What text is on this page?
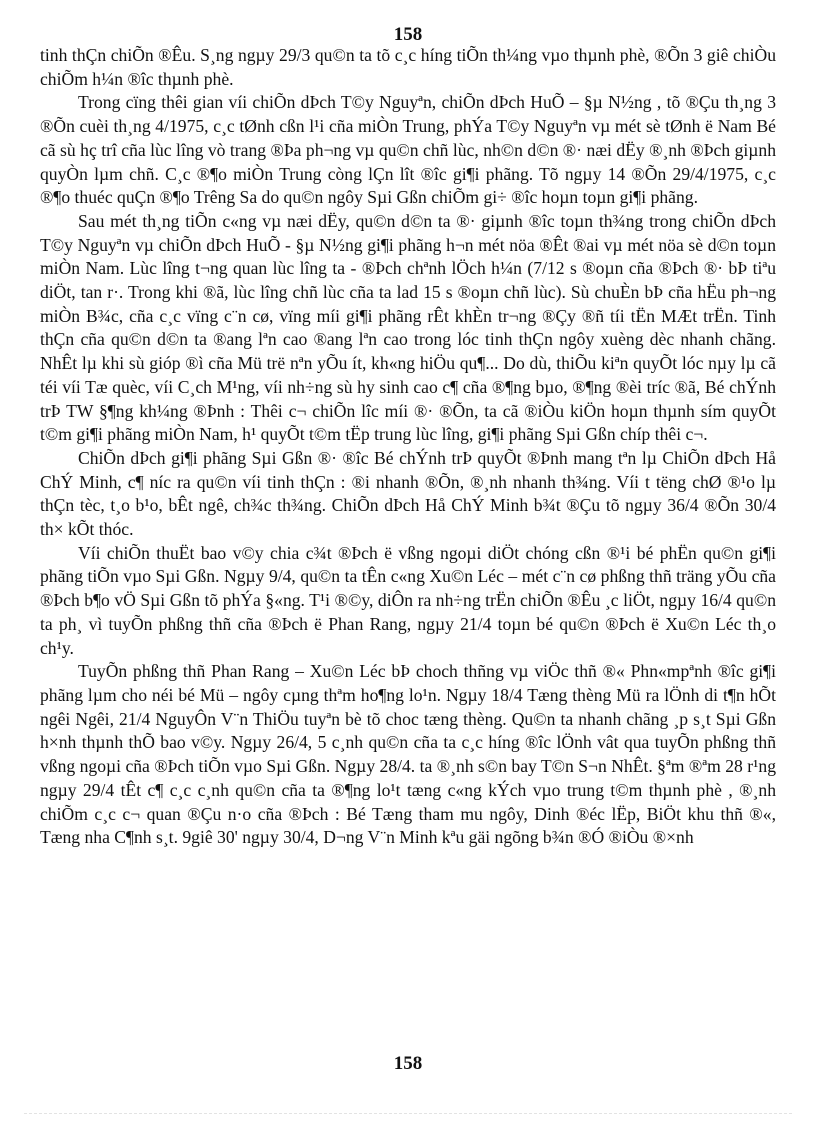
158

tinh thÇn chiÕn ®Êu. S¸ng ngµy 29/3 qu©n ta tõ c¸c híng tiÕn th¼ng vµo thµnh phè, ®Õn 3 giê chiÒu chiÕm h¼n ®îc thµnh phè.

Trong cïng thêi gian víi chiÕn dÞch T©y Nguyªn, chiÕn dÞch HuÕ – §µ N½ng , tõ ®Çu th¸ng 3 ®Õn cuèi th¸ng 4/1975, c¸c tØnh cßn l¹i cña miÒn Trung, phÝa T©y Nguyªn vµ mét sè tØnh ë Nam Bé cã sù hç trî cña lùc lîng vò trang ®Þa ph¬ng vµ qu©n chñ lùc, nh©n d©n ®· næi dËy ®¸nh ®Þch giµnh quyÒn lµm chñ. C¸c ®¶o miÒn Trung còng lÇn lît ®îc gi¶i phãng. Tõ ngµy 14 ®Õn 29/4/1975, c¸c ®¶o thuéc quÇn ®¶o Trêng Sa do qu©n ngôy Sµi Gßn chiÕm gi÷ ®îc hoµn toµn gi¶i phãng.

Sau mét th¸ng tiÕn c«ng vµ næi dËy, qu©n d©n ta ®· giµnh ®îc toµn th¾ng trong chiÕn dÞch T©y Nguyªn vµ chiÕn dÞch HuÕ - §µ N½ng gi¶i phãng h¬n mét nöa ®Êt ®ai vµ mét nöa sè d©n toµn miÒn Nam. Lùc lîng t¬ng quan lùc lîng ta - ®Þch chªnh lÖch h¼n (7/12 s ®oµn cña ®Þch ®· bÞ tiªu diÖt, tan r·. Trong khi ®ã, lùc lîng chñ lùc cña ta lad 15 s ®oµn chñ lùc). Sù chuÈn bÞ cña hËu ph¬ng miÒn B¾c, cña c¸c vïng c¨n cø, vïng míi gi¶i phãng rÊt khÈn tr¬ng ®Çy ®ñ tíi tËn MÆt trËn. Tinh thÇn cña qu©n d©n ta ®ang lªn cao ®ang lªn cao trong lóc tinh thÇn ngôy xuèng dèc nhanh chãng. NhÊt lµ khi sù gióp ®ì cña Mü trë nªn yÕu ít, kh«ng hiÖu qu¶... Do dù, thiÕu kiªn quyÕt lóc nµy lµ cã téi víi Tæ quèc, víi C¸ch M¹ng, víi nh÷ng sù hy sinh cao c¶ cña ®¶ng bµo, ®¶ng ®èi tríc ®ã, Bé chÝnh trÞ TW §¶ng kh¼ng ®Þnh : Thêi c¬ chiÕn lîc míi ®· ®Õn, ta cã ®iÒu kiÖn hoµn thµnh sím quyÕt t©m gi¶i phãng miÒn Nam, h¹ quyÕt t©m tËp trung lùc lîng, gi¶i phãng Sµi Gßn chíp thêi c¬.

ChiÕn dÞch gi¶i phãng Sµi Gßn ®· ®îc Bé chÝnh trÞ quyÕt ®Þnh mang tªn lµ ChiÕn dÞch Hå ChÝ Minh, c¶ níc ra qu©n víi tinh thÇn : ®i nhanh ®Õn, ®¸nh nhanh th¾ng. Víi t tëng chØ ®¹o lµ thÇn tèc, t¸o b¹o, bÊt ngê, ch¾c th¾ng. ChiÕn dÞch Hå ChÝ Minh b¾t ®Çu tõ ngµy 36/4 ®Õn 30/4 th× kÕt thóc.

Víi chiÕn thuËt bao v©y chia c¾t ®Þch ë vßng ngoµi diÖt chóng cßn ®¹i bé phËn qu©n gi¶i phãng tiÕn vµo Sµi Gßn. Ngµy 9/4, qu©n ta tÊn c«ng Xu©n Léc – mét c¨n cø phßng thñ träng yÕu cña ®Þch b¶o vÖ Sµi Gßn tõ phÝa §«ng. T¹i ®©y, diÔn ra nh÷ng trËn chiÕn ®Êu ¸c liÖt, ngµy 16/4 qu©n ta ph¸ vì tuyÕn phßng thñ cña ®Þch ë Phan Rang, ngµy 21/4 toµn bé qu©n ®Þch ë Xu©n Léc th¸o ch¹y.

TuyÕn phßng thñ Phan Rang – Xu©n Léc bÞ choch thñng vµ viÖc thñ ®« Phn«mpªnh ®îc gi¶i phãng lµm cho néi bé Mü – ngôy cµng thªm ho¶ng lo¹n. Ngµy 18/4 Tæng thèng Mü ra lÖnh di t¶n hÕt ngêi Ngêi, 21/4 NguyÔn V¨n ThiÖu tuyªn bè tõ choc tæng thèng. Qu©n ta nhanh chãng ¸p s¸t Sµi Gßn h×nh thµnh thÕ bao v©y. Ngµy 26/4, 5 c¸nh qu©n cña ta c¸c híng ®îc lÖnh vât qua tuyÕn phßng thñ vßng ngoµi cña ®Þch tiÕn vµo Sµi Gßn. Ngµy 28/4. ta ®¸nh s©n bay T©n S¬n NhÊt. §ªm ®ªm 28 r¹ng ngµy 29/4 tÊt c¶ c¸c c¸nh qu©n cña ta ®¶ng lo¹t tæng c«ng kÝch vµo trung t©m thµnh phè , ®¸nh chiÕm c¸c c¬ quan ®Çu n·o cña ®Þch : Bé Tæng tham mu ngôy, Dinh ®éc lËp, BiÖt khu thñ ®«, Tæng nha C¶nh s¸t. 9giê 30' ngµy 30/4, D¬ng V¨n Minh kªu gäi ngõng b¾n ®Ó ®iÒu ®×nh

158
